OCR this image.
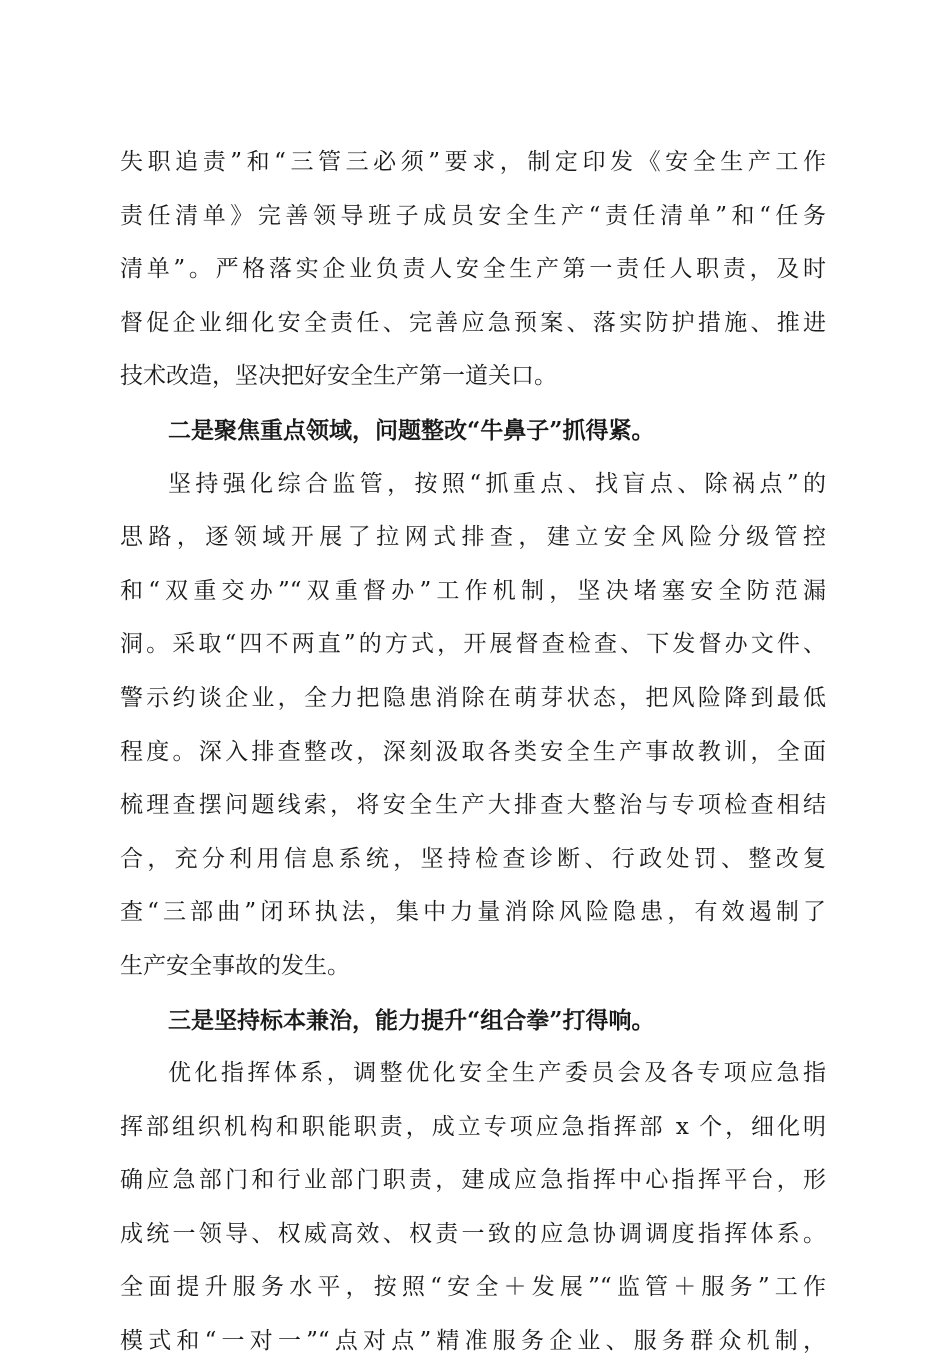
失职追责”和“三管三必须”要求，制定印发《安全生产工作
责任清单》完善领导班子成员安全生产“责任清单”和“任务
清单”。严格落实企业负责人安全生产第一责任人职责，及时
督促企业细化安全责任、完善应急预案、落实防护措施、推进
技术改造，坚决把好安全生产第一道关口。
二是聚焦重点领域，问题整改“牛鼻子”抓得紧。
坚持强化综合监管，按照“抓重点、找盲点、除祸点”的
思路，逐领域开展了拉网式排查，建立安全风险分级管控
和“双重交办”“双重督办”工作机制，坚决堵塞安全防范漏
洞。采取“四不两直”的方式，开展督查检查、下发督办文件、
警示约谈企业，全力把隐患消除在萌芽状态，把风险降到最低
程度。深入排查整改，深刻汲取各类安全生产事故教训，全面
梳理查摆问题线索，将安全生产大排查大整治与专项检查相结
合，充分利用信息系统，坚持检查诊断、行政处罚、整改复
查“三部曲”闭环执法，集中力量消除风险隐患，有效遏制了
生产安全事故的发生。
三是坚持标本兼治，能力提升“组合拳”打得响。
优化指挥体系，调整优化安全生产委员会及各专项应急指
挥部组织机构和职能职责，成立专项应急指挥部 x 个，细化明
确应急部门和行业部门职责，建成应急指挥中心指挥平台，形
成统一领导、权威高效、权责一致的应急协调调度指挥体系。
全面提升服务水平，按照“安全＋发展”“监管＋服务”工作
模式和“一对一”“点对点”精准服务企业、服务群众机制，
